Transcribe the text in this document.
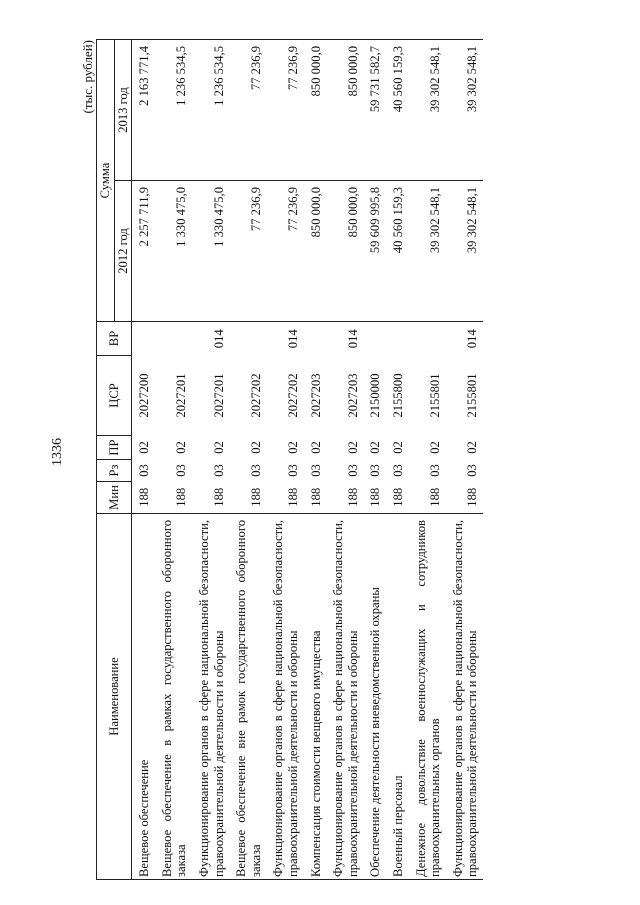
1336
(тыс. рублей)
Наименование	Мин	Рз	ПР	ЦСР	ВР	Сумма	
						2012 год	2013 год
Вещевое обеспечение	188	03	02	2027200		2 257 711,9	2 163 771,4
Вещевое обеспечение в рамках государственного оборонного заказа	188	03	02	2027201		1 330 475,0	1 236 534,5
Функционирование органов в сфере национальной безопасности, правоохранительной деятельности и обороны	188	03	02	2027201	014	1 330 475,0	1 236 534,5
Вещевое обеспечение вне рамок государственного оборонного заказа	188	03	02	2027202		77 236,9	77 236,9
Функционирование органов в сфере национальной безопасности, правоохранительной деятельности и обороны	188	03	02	2027202	014	77 236,9	77 236,9
Компенсация стоимости вещевого имущества	188	03	02	2027203		850 000,0	850 000,0
Функционирование органов в сфере национальной безопасности, правоохранительной деятельности и обороны	188	03	02	2027203	014	850 000,0	850 000,0
Обеспечение деятельности вневедомственной охраны	188	03	02	2150000		59 609 995,8	59 731 582,7
Военный персонал	188	03	02	2155800		40 560 159,3	40 560 159,3
Денежное довольствие военнослужащих и сотрудников правоохранительных органов	188	03	02	2155801		39 302 548,1	39 302 548,1
Функционирование органов в сфере национальной безопасности, правоохранительной деятельности и обороны	188	03	02	2155801	014	39 302 548,1	39 302 548,1
